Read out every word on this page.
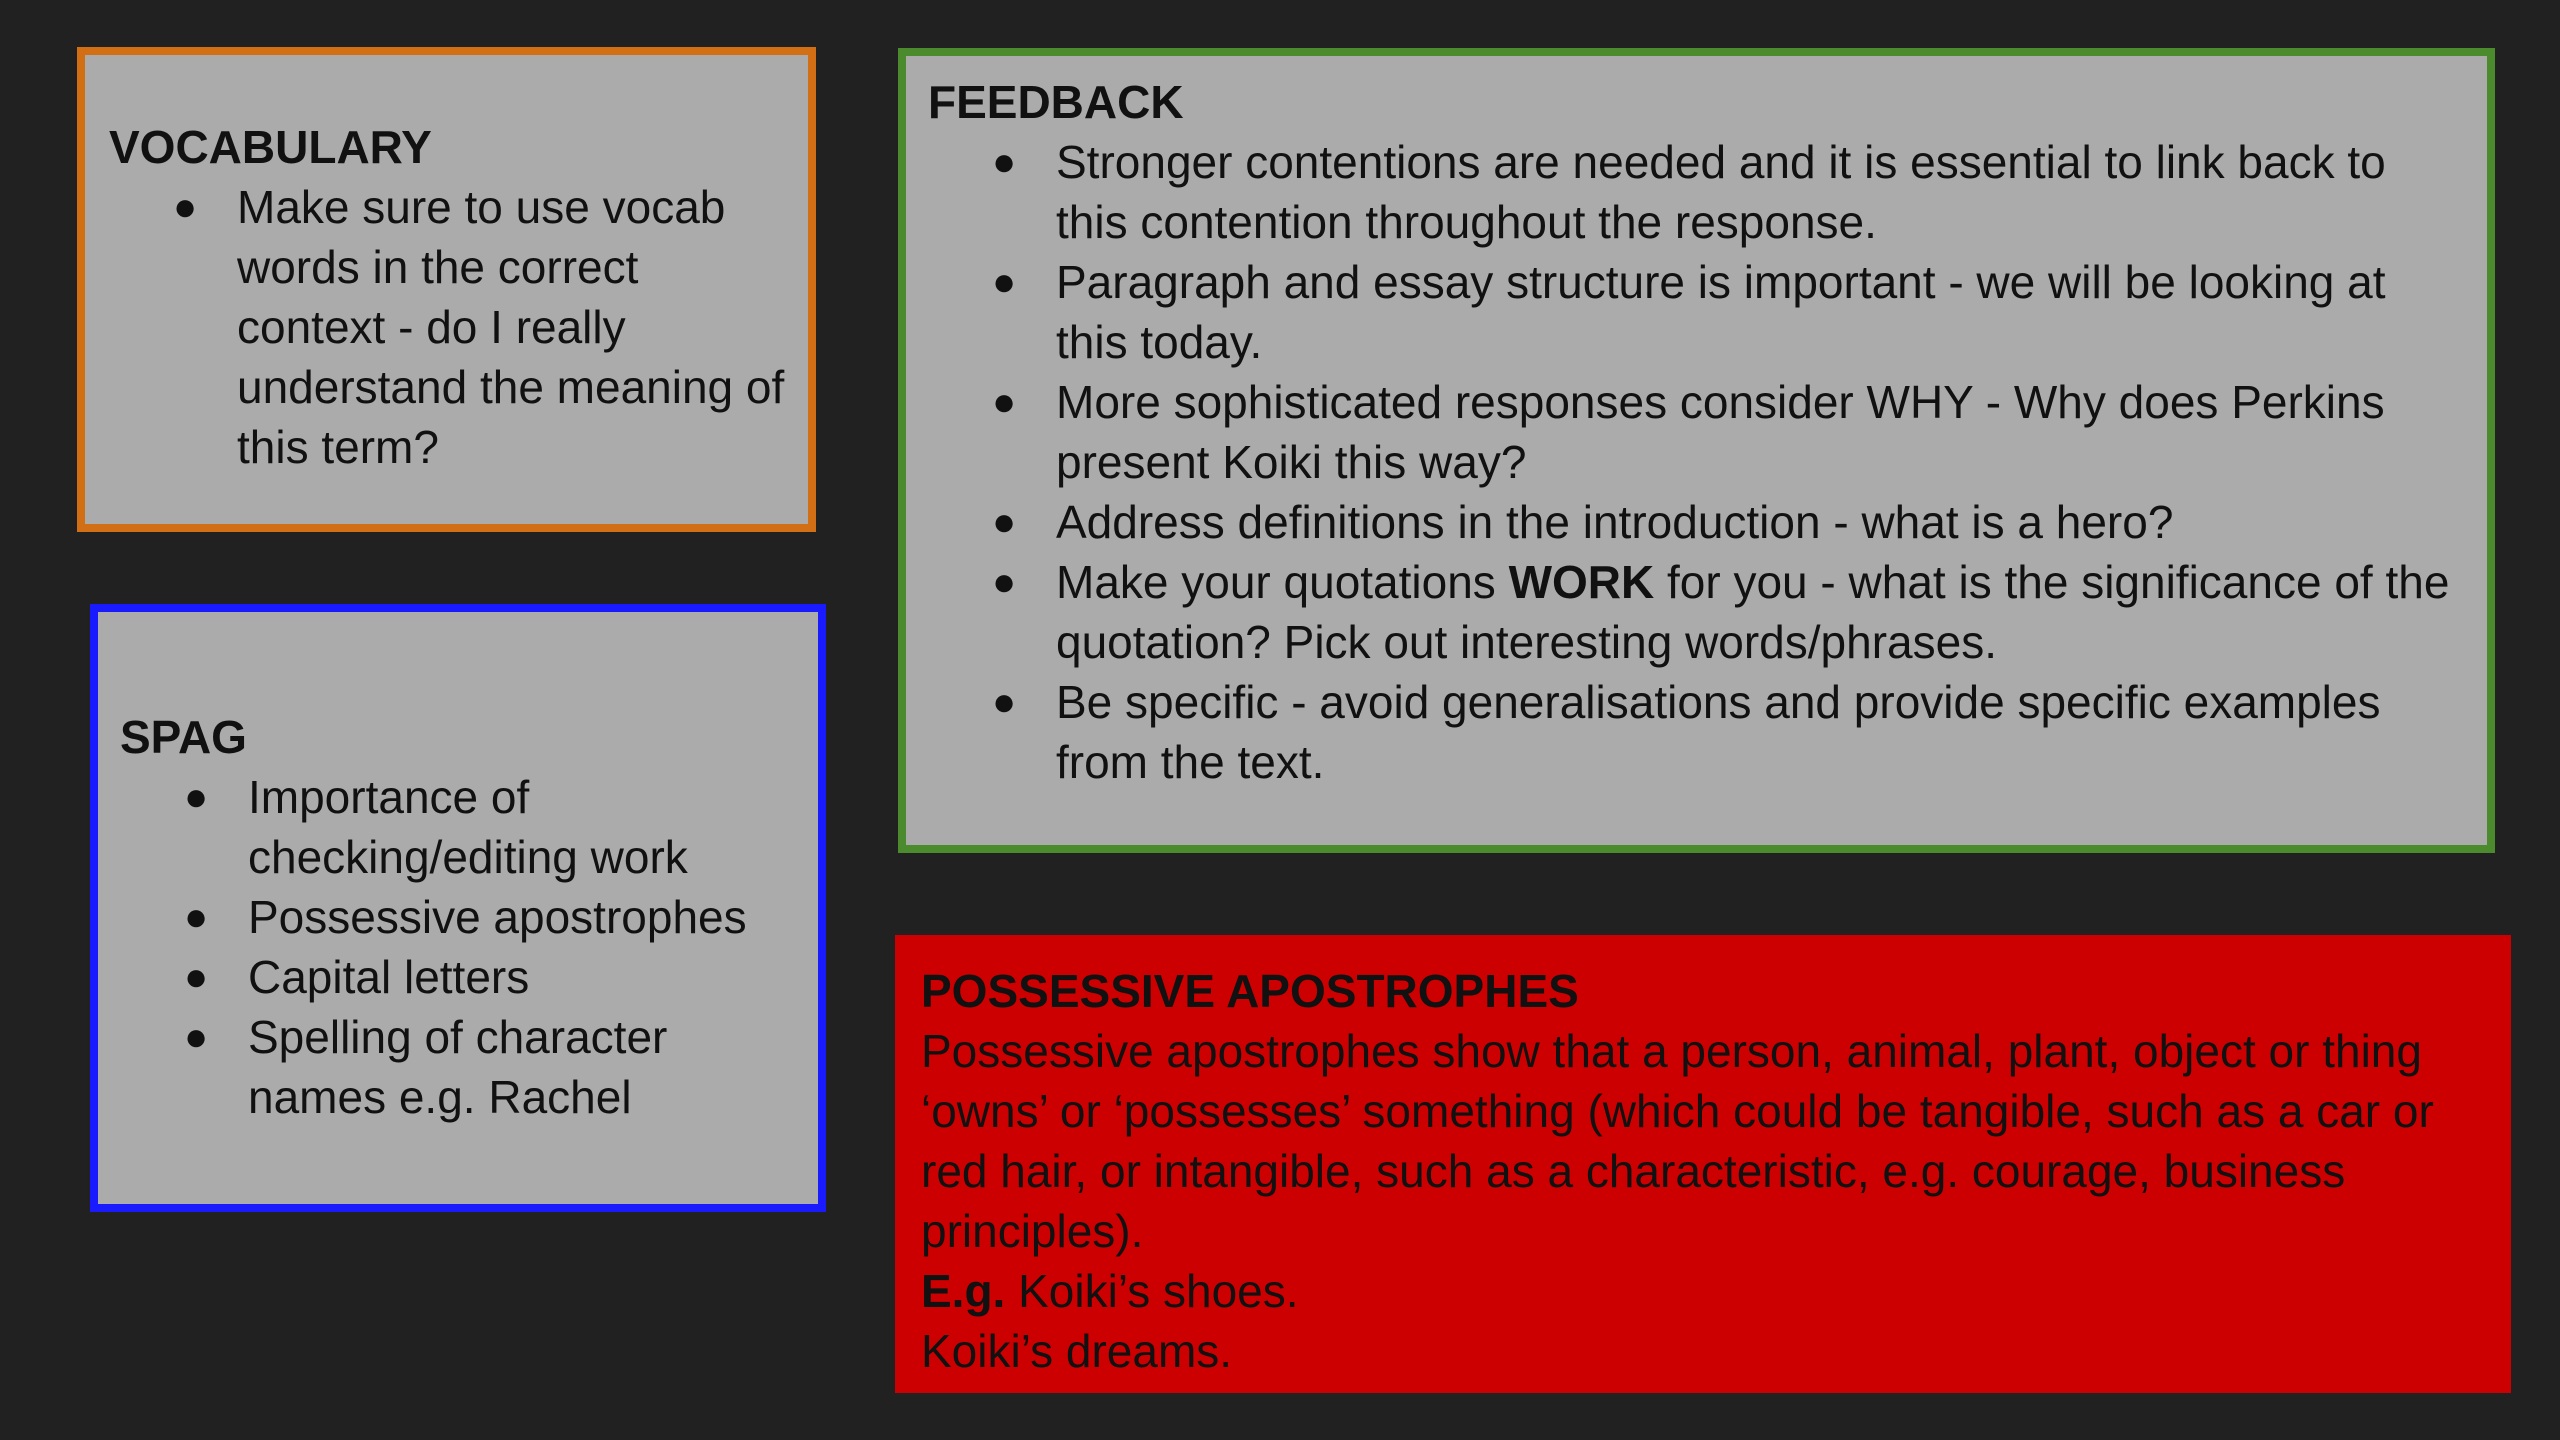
VOCABULARY
● Make sure to use vocab words in the correct context - do I really understand the meaning of this term?
SPAG
● Importance of checking/editing work
● Possessive apostrophes
● Capital letters
● Spelling of character names e.g. Rachel
FEEDBACK
● Stronger contentions are needed and it is essential to link back to this contention throughout the response.
● Paragraph and essay structure is important - we will be looking at this today.
● More sophisticated responses consider WHY - Why does Perkins present Koiki this way?
● Address definitions in the introduction - what is a hero?
● Make your quotations WORK for you - what is the significance of the quotation? Pick out interesting words/phrases.
● Be specific - avoid generalisations and provide specific examples from the text.
POSSESSIVE APOSTROPHES

Possessive apostrophes show that a person, animal, plant, object or thing ‘owns’ or ‘possesses’ something (which could be tangible, such as a car or red hair, or intangible, such as a characteristic, e.g. courage, business principles).

E.g. Koiki’s shoes.

Koiki’s dreams.
